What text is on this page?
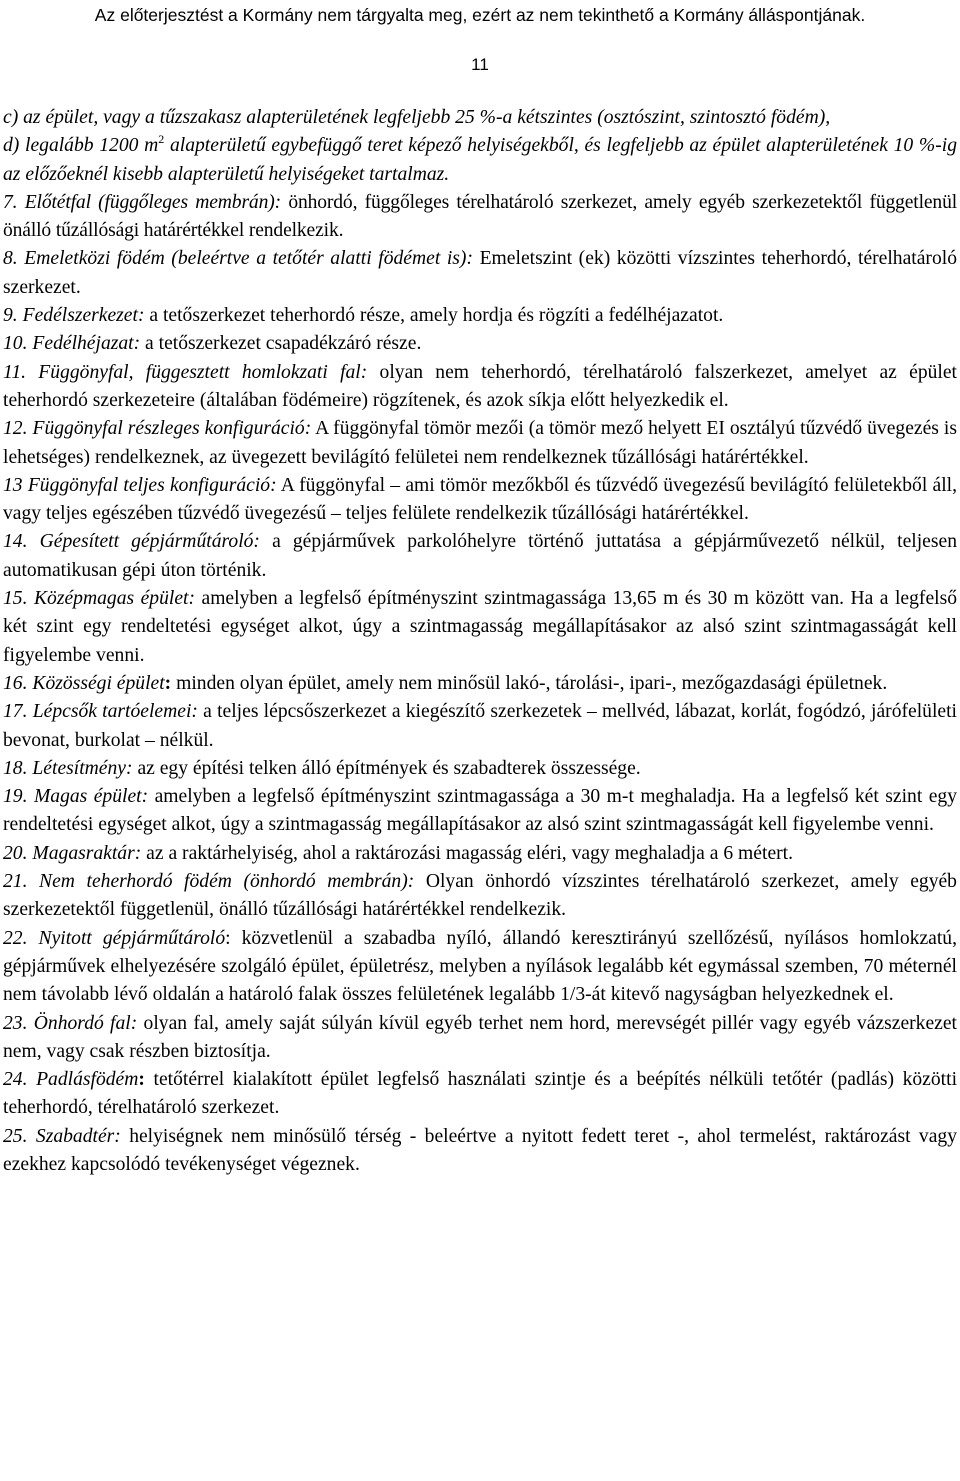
Az előterjesztést a Kormány nem tárgyalta meg, ezért az nem tekinthető a Kormány álláspontjának.
11

c) az épület, vagy a tűzszakasz alapterületének legfeljebb 25 %-a kétszintes (osztószint, szintosztó födém),

d) legalább 1200 $m^2$ alapterületű egybefüggő teret képező helyiségekből, és legfeljebb az épület alapterületének 10 %-ig az előzőeknél kisebb alapterületű helyiségeket tartalmaz.

7. Előtétfal (függőleges membrán): önhordó, függőleges térelhatároló szerkezet, amely egyéb szerkezetektől függetlenül önálló tűzállósági határértékkel rendelkezik.

8. Emeletközi födém (beleértve a tetőtér alatti födémet is): Emeletszint (ek) közötti vízszintes teherhordó, térelhatároló szerkezet.

9. Fedélszerkezet: a tetőszerkezet teherhordó része, amely hordja és rögzíti a fedélhéjazatot.

10. Fedélhéjazat: a tetőszerkezet csapadékzáró része.

11. Függönyfal, függesztett homlokzati fal: olyan nem teherhordó, térelhatároló falszerkezet, amelyet az épület teherhordó szerkezeteire (általában födémeire) rögzítenek, és azok síkja előtt helyezkedik el.

12. Függönyfal részleges konfiguráció: A függönyfal tömör mezői (a tömör mező helyett EI osztályú tűzvédő üvegezés is lehetséges) rendelkeznek, az üvegezett bevilágító felületei nem rendelkeznek tűzállósági határértékkel.

13 Függönyfal teljes konfiguráció: A függönyfal – ami tömör mezőkből és tűzvédő üvegezésű bevilágító felületekből áll, vagy teljes egészében tűzvédő üvegezésű – teljes felülete rendelkezik tűzállósági határértékkel.

14. Gépesített gépjárműtároló: a gépjárművek parkolóhelyre történő juttatása a gépjárművezető nélkül, teljesen automatikusan gépi úton történik.

15. Középmagas épület: amelyben a legfelső építményszint szintmagassága 13,65 m és 30 m között van. Ha a legfelső két szint egy rendeltetési egységet alkot, úgy a szintmagasság megállapításakor az alsó szint szintmagasságát kell figyelembe venni.

16. Közösségi épület: minden olyan épület, amely nem minősül lakó-, tárolási-, ipari-, mezőgazdasági épületnek.

17. Lépcsők tartóelemei: a teljes lépcsőszerkezet a kiegészítő szerkezetek – mellvéd, lábazat, korlát, fogódzó, járófelületi bevonat, burkolat – nélkül.

18. Létesítmény: az egy építési telken álló építmények és szabadterek összessége.

19. Magas épület: amelyben a legfelső építményszint szintmagassága a 30 m-t meghaladja. Ha a legfelső két szint egy rendeltetési egységet alkot, úgy a szintmagasság megállapításakor az alsó szint szintmagasságát kell figyelembe venni.

20. Magasraktár: az a raktárhelyiség, ahol a raktározási magasság eléri, vagy meghaladja a 6 métert.

21. Nem teherhordó födém (önhordó membrán): Olyan önhordó vízszintes térelhatároló szerkezet, amely egyéb szerkezetektől függetlenül, önálló tűzállósági határértékkel rendelkezik.

22. Nyitott gépjárműtároló: közvetlenül a szabadba nyíló, állandó keresztirányú szellőzésű, nyílásos homlokzatú, gépjárművek elhelyezésére szolgáló épület, épületrész, melyben a nyílások legalább két egymással szemben, 70 méternél nem távolabb lévő oldalán a határoló falak összes felületének legalább 1/3-át kitevő nagyságban helyezkednek el.

23. Önhordó fal: olyan fal, amely saját súlyán kívül egyéb terhet nem hord, merevségét pillér vagy egyéb vázszerkezet nem, vagy csak részben biztosítja.

24. Padlásfödém: tetőtérrel kialakított épület legfelső használati szintje és a beépítés nélküli tetőtér (padlás) közötti teherhordó, térelhatároló szerkezet.

25. Szabadtér: helyiségnek nem minősülő térség - beleértve a nyitott fedett teret -, ahol termelést, raktározást vagy ezekhez kapcsolódó tevékenységet végeznek.
